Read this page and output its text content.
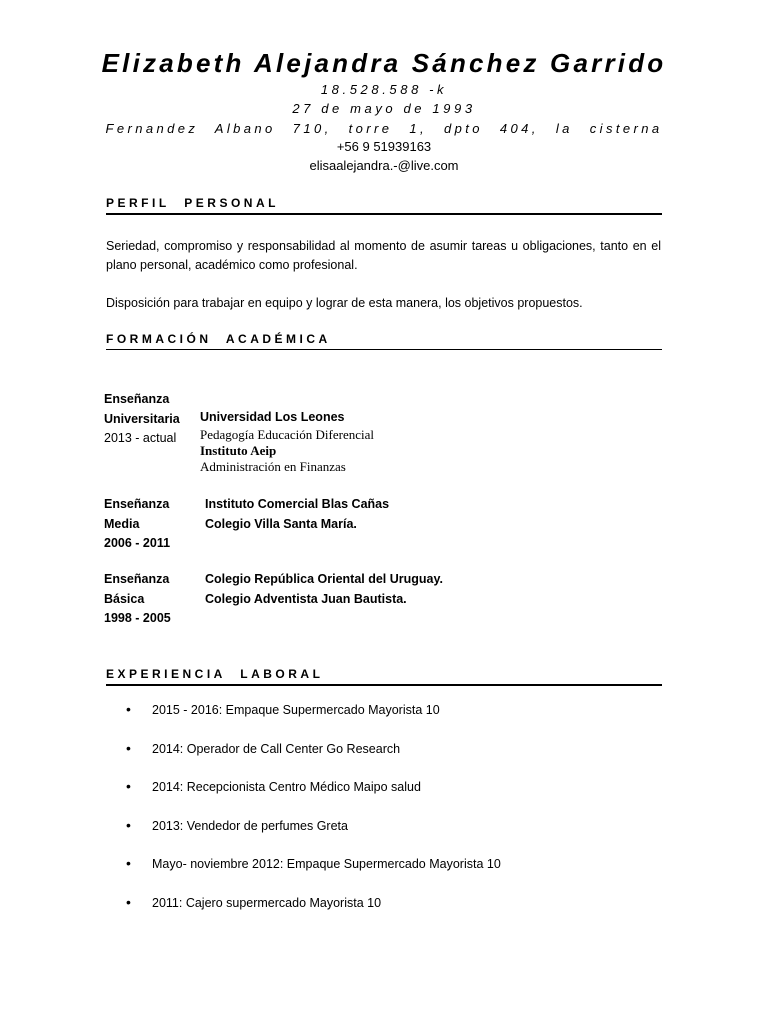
Elizabeth Alejandra Sánchez Garrido
18.528.588 -k
27 de mayo de 1993
Fernandez Albano 710, torre 1, dpto 404, la cisterna
+56 9 51939163
elisaalejandra.-@live.com
PERFIL PERSONAL
Seriedad, compromiso y responsabilidad al momento de asumir tareas u obligaciones, tanto en el plano personal, académico como profesional.
Disposición para trabajar en equipo y lograr de esta manera, los objetivos propuestos.
FORMACIÓN ACADÉMICA
Enseñanza
Universitaria
2013 - actual
Universidad Los Leones
Pedagogía Educación Diferencial
Instituto Aeip
Administración en Finanzas
Enseñanza
Media
2006 - 2011
Instituto Comercial Blas Cañas
Colegio Villa Santa María.
Enseñanza
Básica
1998 - 2005
Colegio República Oriental del Uruguay.
Colegio Adventista Juan Bautista.
EXPERIENCIA LABORAL
• 2015 - 2016: Empaque Supermercado Mayorista 10
• 2014: Operador de Call Center Go Research
• 2014: Recepcionista Centro Médico Maipo salud
• 2013: Vendedor de perfumes Greta
• Mayo- noviembre 2012: Empaque Supermercado Mayorista 10
• 2011: Cajero supermercado Mayorista 10
